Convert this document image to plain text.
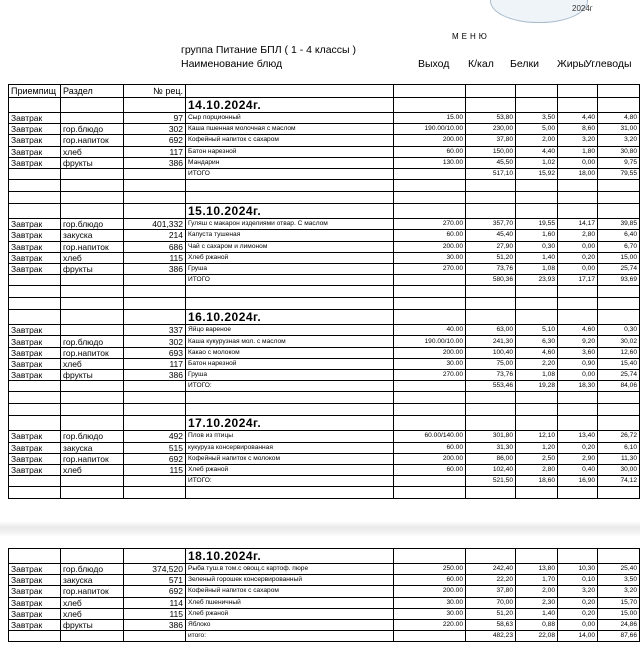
2024г
МЕНЮ
группа Питание БПЛ ( 1 - 4 классы )
Наименование блюд	Выход К/кал Белки Жиры Углеводы
Приемпищ	Раздел	№ рец.						
			14.10.2024г.					
Завтрак		97	Сыр порционный	15.00	53,80	3,50	4,40	4,80
Завтрак	гор.блюдо	302	Каша пшенная молочная с маслом	190.00/10.00	230,00	5,00	8,60	31,00
Завтрак	гор.напиток	692	Кофейный напиток с сахаром	200.00	37,80	2,00	3,20	3,20
Завтрак	хлеб	117	Батон нарезной	60.00	150,00	4,40	1,80	30,80
Завтрак	фрукты	386	Мандарин	130.00	45,50	1,02	0,00	9,75
			ИТОГО		517,10	15,92	18,00	79,55

			15.10.2024г.					
Завтрак	гор.блюдо	401,332	Гуляш с макарон изделиями отвар. С маслом	270.00	357,70	19,55	14,17	39,85
Завтрак	закуска	214	Капуста тушеная	60.00	45,40	1,60	2,80	6,40
Завтрак	гор.напиток	686	Чай с сахаром и лимоном	200.00	27,90	0,30	0,00	6,70
Завтрак	хлеб	115	Хлеб ржаной	30.00	51,20	1,40	0,20	15,00
Завтрак	фрукты	386	Груша	270.00	73,76	1,08	0,00	25,74
			ИТОГО		580,36	23,93	17,17	93,69

			16.10.2024г.					
Завтрак		337	Яйцо вареное	40.00	63,00	5,10	4,60	0,30
Завтрак	гор.блюдо	302	Каша кукурузная мол. с маслом	190.00/10.00	241,30	6,30	9,20	30,02
Завтрак	гор.напиток	693	Какао с молоком	200.00	100,40	4,60	3,60	12,60
Завтрак	хлеб	117	Батон нарезной	30.00	75,00	2,20	0,90	15,40
Завтрак	фрукты	386	Груша	270.00	73,76	1,08	0,00	25,74
			ИТОГО:		553,46	19,28	18,30	84,06

			17.10.2024г.					
Завтрак	гор.блюдо	492	Плов из птицы	60.00/140.00	301,80	12,10	13,40	26,72
Завтрак	закуска	515	кукуруза консервированная	60.00	31,30	1,20	0,20	6,10
Завтрак	гор.напиток	692	Кофейный напиток с молоком	200.00	86,00	2,50	2,90	11,30
Завтрак	хлеб	115	Хлеб ржаной	60.00	102,40	2,80	0,40	30,00
			ИТОГО:		521,50	18,60	16,90	74,12

			18.10.2024г.					
Завтрак	гор.блюдо	374,520	Рыба туш.в том.с овощ.с картоф. пюре	250.00	242,40	13,80	10,30	25,40
Завтрак	закуска	571	Зеленый горошек консервированный	60.00	22,20	1,70	0,10	3,50
Завтрак	гор.напиток	692	Кофейный напиток с сахаром	200.00	37,80	2,00	3,20	3,20
Завтрак	хлеб	114	Хлеб пшеничный	30.00	70,00	2,30	0,20	15,70
Завтрак	хлеб	115	Хлеб ржаной	30.00	51,20	1,40	0,20	15,00
Завтрак	фрукты	386	Яблоко	220.00	58,63	0,88	0,00	24,86
			итого:		482,23	22,08	14,00	87,66
